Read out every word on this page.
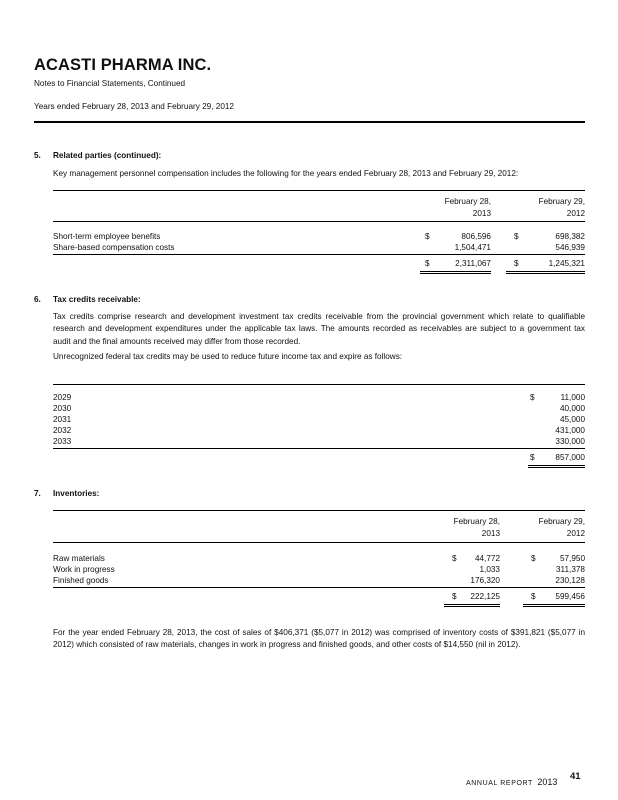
ACASTI PHARMA INC.
Notes to Financial Statements, Continued
Years ended February 28, 2013 and February 29, 2012
5. Related parties (continued):
Key management personnel compensation includes the following for the years ended February 28, 2013 and February 29, 2012:
February 28,
2013
February 29,
2012
Short-term employee benefits	$	806,596	$	698,382
Share-based compensation costs	1,504,471	546,939
$	2,311,067	$	1,245,321
6. Tax credits receivable:
Tax credits comprise research and development investment tax credits receivable from the provincial government which relate to qualifiable research and development expenditures under the applicable tax laws. The amounts recorded as receivables are subject to a government tax audit and the final amounts received may differ from those recorded.
Unrecognized federal tax credits may be used to reduce future income tax and expire as follows:
2029	$	11,000
2030	40,000
2031	45,000
2032	431,000
2033	330,000
$	857,000
7. Inventories:
February 28,
2013
February 29,
2012
Raw materials	$	44,772	$	57,950
Work in progress	1,033	311,378
Finished goods	176,320	230,128
$	222,125	$	599,456
For the year ended February 28, 2013, the cost of sales of $406,371 ($5,077 in 2012) was comprised of inventory costs of $391,821 ($5,077 in 2012) which consisted of raw materials, changes in work in progress and finished goods, and other costs of $14,550 (nil in 2012).
ANNUAL REPORT 2013 41
